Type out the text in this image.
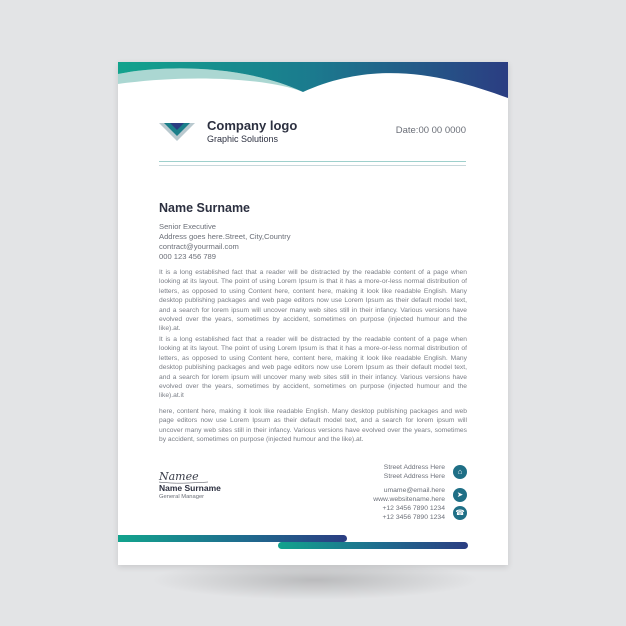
Company logo
Graphic Solutions
Date:00 00 0000
Name Surname
Senior Executive
Address goes here.Street, City,Country
contract@yourmail.com
000 123 456 789
It is a long established fact that a reader will be distracted by the readable content of a page when looking at its layout. The point of using Lorem Ipsum is that it has a more-or-less normal distribution of letters, as opposed to using Content here, content here, making it look like readable English. Many desktop publishing packages and web page editors now use Lorem Ipsum as their default model text, and a search for lorem ipsum will uncover many web sites still in their infancy. Various versions have evolved over the years, sometimes by accident, sometimes on purpose (injected humour and the like).at.
It is a long established fact that a reader will be distracted by the readable content of a page when looking at its layout. The point of using Lorem Ipsum is that it has a more-or-less normal distribution of letters, as opposed to using Content here, content here, making it look like readable English. Many desktop publishing packages and web page editors now use Lorem Ipsum as their default model text, and a search for lorem ipsum will uncover many web sites still in their infancy. Various versions have evolved over the years, sometimes by accident, sometimes on purpose (injected humour and the like).at.it
here, content here, making it look like readable English. Many desktop publishing packages and web page editors now use Lorem Ipsum as their default model text, and a search for lorem ipsum will uncover many web sites still in their infancy. Various versions have evolved over the years, sometimes by accident, sometimes on purpose (injected humour and the like).at.
Namee
Name Surname
General Manager
Street Address Here
Street Address Here
⌂
umame@email.here
www.websitename.here
➤
+12 3456 7890 1234
+12 3456 7890 1234
☎
